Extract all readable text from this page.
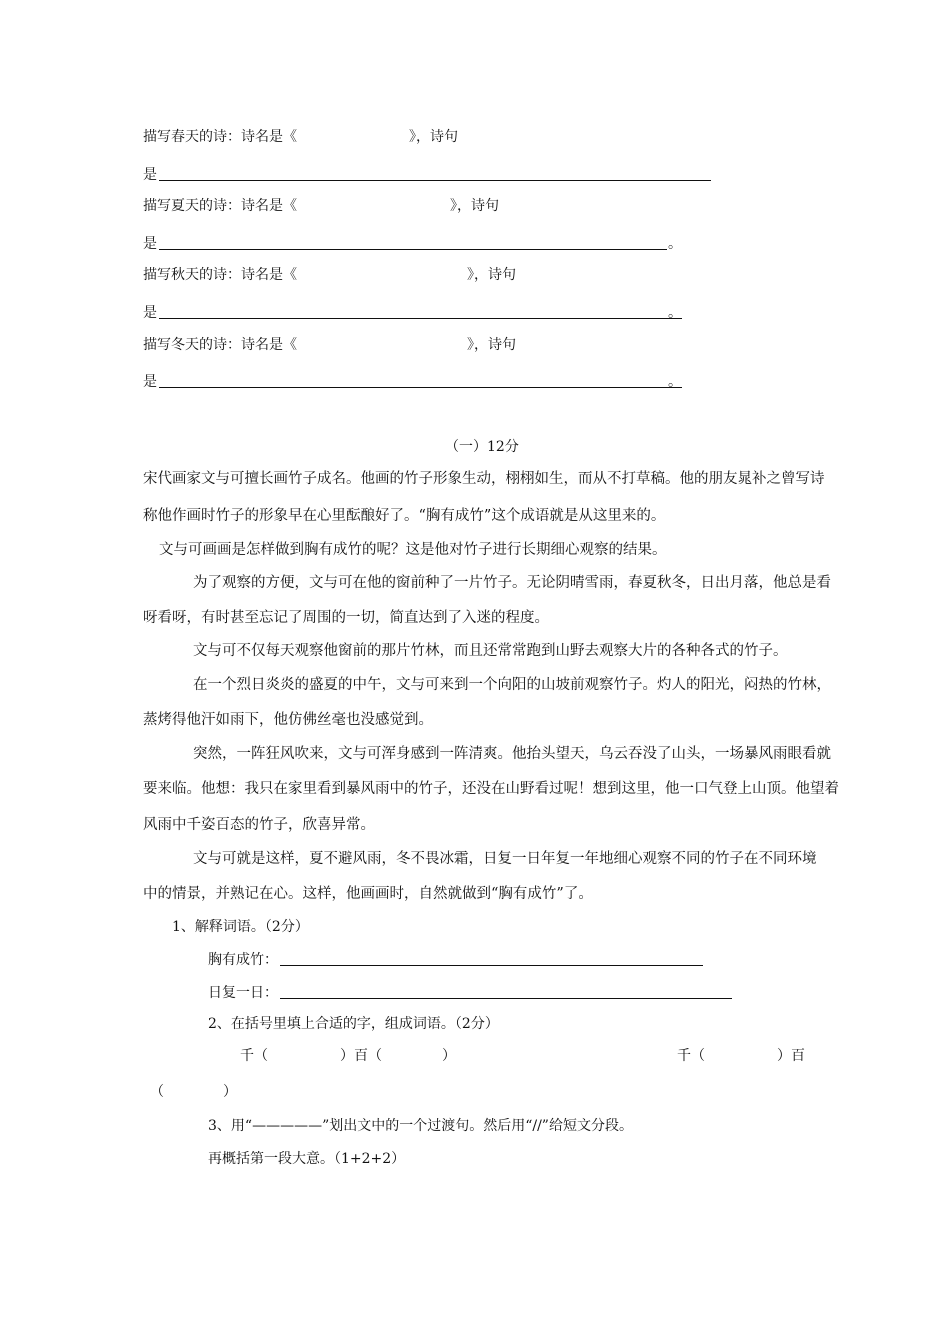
描写春天的诗：诗名是《	》，诗句
是
描写夏天的诗：诗名是《	》，诗句
是	。
描写秋天的诗：诗名是《	》，诗句
是	。
描写冬天的诗：诗名是《	》，诗句
是	。
（一）12分
宋代画家文与可擅长画竹子成名。他画的竹子形象生动，栩栩如生，而从不打草稿。他的朋友晁补之曾写诗
称他作画时竹子的形象早在心里酝酿好了。“胸有成竹”这个成语就是从这里来的。
文与可画画是怎样做到胸有成竹的呢？这是他对竹子进行长期细心观察的结果。
为了观察的方便，文与可在他的窗前种了一片竹子。无论阴晴雪雨，春夏秋冬，日出月落，他总是看
呀看呀，有时甚至忘记了周围的一切，简直达到了入迷的程度。
文与可不仅每天观察他窗前的那片竹林，而且还常常跑到山野去观察大片的各种各式的竹子。
在一个烈日炎炎的盛夏的中午，文与可来到一个向阳的山坡前观察竹子。灼人的阳光，闷热的竹林，
蒸烤得他汗如雨下，他仿佛丝毫也没感觉到。
突然，一阵狂风吹来，文与可浑身感到一阵清爽。他抬头望天，乌云吞没了山头，一场暴风雨眼看就
要来临。他想：我只在家里看到暴风雨中的竹子，还没在山野看过呢！想到这里，他一口气登上山顶。他望着
风雨中千姿百态的竹子，欣喜异常。
文与可就是这样，夏不避风雨，冬不畏冰霜，日复一日年复一年地细心观察不同的竹子在不同环境
中的情景，并熟记在心。这样，他画画时，自然就做到“胸有成竹”了。
1、解释词语。（2分）
胸有成竹：
日复一日：
2、在括号里填上合适的字，组成词语。（2分）
千（	）百（	）	千（	）百
（	）
3、用“—————”划出文中的一个过渡句。然后用“//”给短文分段。
再概括第一段大意。（1+2+2）
